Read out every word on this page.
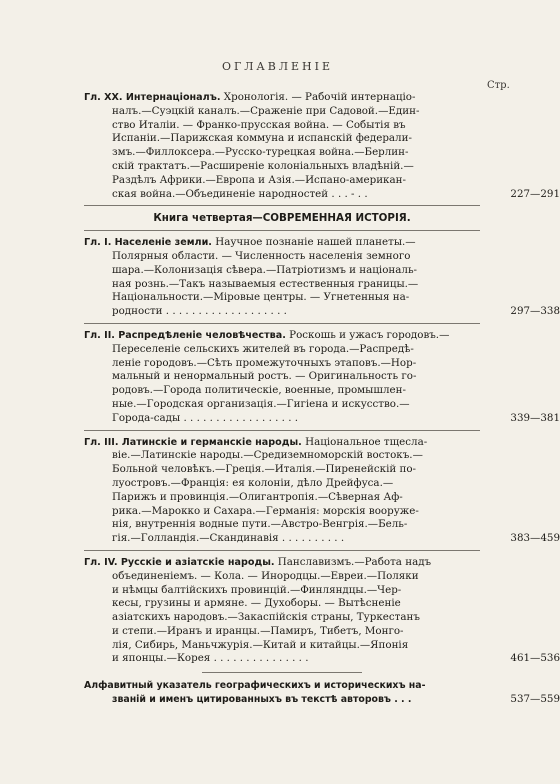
ОГЛАВЛЕНІЕ
Стр.
Гл. XX. Интернаціоналъ. Хронологія. — Рабочій интернаціо-
налъ.—Суэцкій каналъ.—Сраженіе при Садовой.—Един-
ство Италіи. — Франко-прусская война. — Событія въ
Испаніи.—Парижская коммуна и испанскій федерали-
змъ.—Филлоксера.—Русско-турецкая война.—Берлин-
скій трактатъ.—Расширеніе колоніальныхъ владѣній.—
Раздѣлъ Африки.—Европа и Азія.—Испано-американ-
ская война.—Объединеніе народностей . . . - . .	227—291
Книга четвертая—СОВРЕМЕННАЯ ИСТОРІЯ.
Гл. I. Населеніе земли. Научное познаніе нашей планеты.—
Полярныя области. — Численность населенія земного
шара.—Колонизація сѣвера.—Патріотизмъ и національ-
ная рознь.—Такъ называемыя естественныя границы.—
Національности.—Міровые центры. — Угнетенныя на-
родности . . . . . . . . . . . . . . . . . . .	297—338
Гл. II. Распредѣленіе человѣчества. Роскошь и ужасъ городовъ.—
Переселеніе сельскихъ жителей въ города.—Распредѣ-
леніе городовъ.—Сѣть промежуточныхъ этаповъ.—Нор-
мальный и ненормальный ростъ. — Оригинальность го-
родовъ.—Города политическіе, военные, промышлен-
ные.—Городская организація.—Гигіена и искусство.—
Города-сады . . . . . . . . . . . . . . . . . .	339—381
Гл. III. Латинскіе и германскіе народы. Національное тщесла-
віе.—Латинскіе народы.—Средиземноморскій востокъ.—
Больной человѣкъ.—Греція.—Италія.—Пиренейскій по-
луостровъ.—Франція: ея колоніи, дѣло Дрейфуса.—
Парижъ и провинція.—Олигантропія.—Сѣверная Аф-
рика.—Марокко и Сахара.—Германія: морскія вооруже-
нія, внутреннія водные пути.—Австро-Венгрія.—Бель-
гія.—Голландія.—Скандинавія . . . . . . . . . .	383—459
Гл. IV. Русскіе и азіатскіе народы. Панславизмъ.—Работа надъ
объединеніемъ. — Кола. — Инородцы.—Евреи.—Поляки
и нѣмцы балтійскихъ провинцій.—Финляндцы.—Чер-
кесы, грузины и армяне. — Духоборы. — Вытѣсненіе
азіатскихъ народовъ.—Закаспійскія страны, Туркестанъ
и степи.—Иранъ и иранцы.—Памиръ, Тибетъ, Монго-
лія, Сибирь, Маньчжурія.—Китай и китайцы.—Японія
и японцы.—Корея . . . . . . . . . . . . . . .	461—536
Алфавитный указатель географическихъ и историческихъ на-
званій и именъ цитированныхъ въ текстѣ авторовъ . . .	537—559
